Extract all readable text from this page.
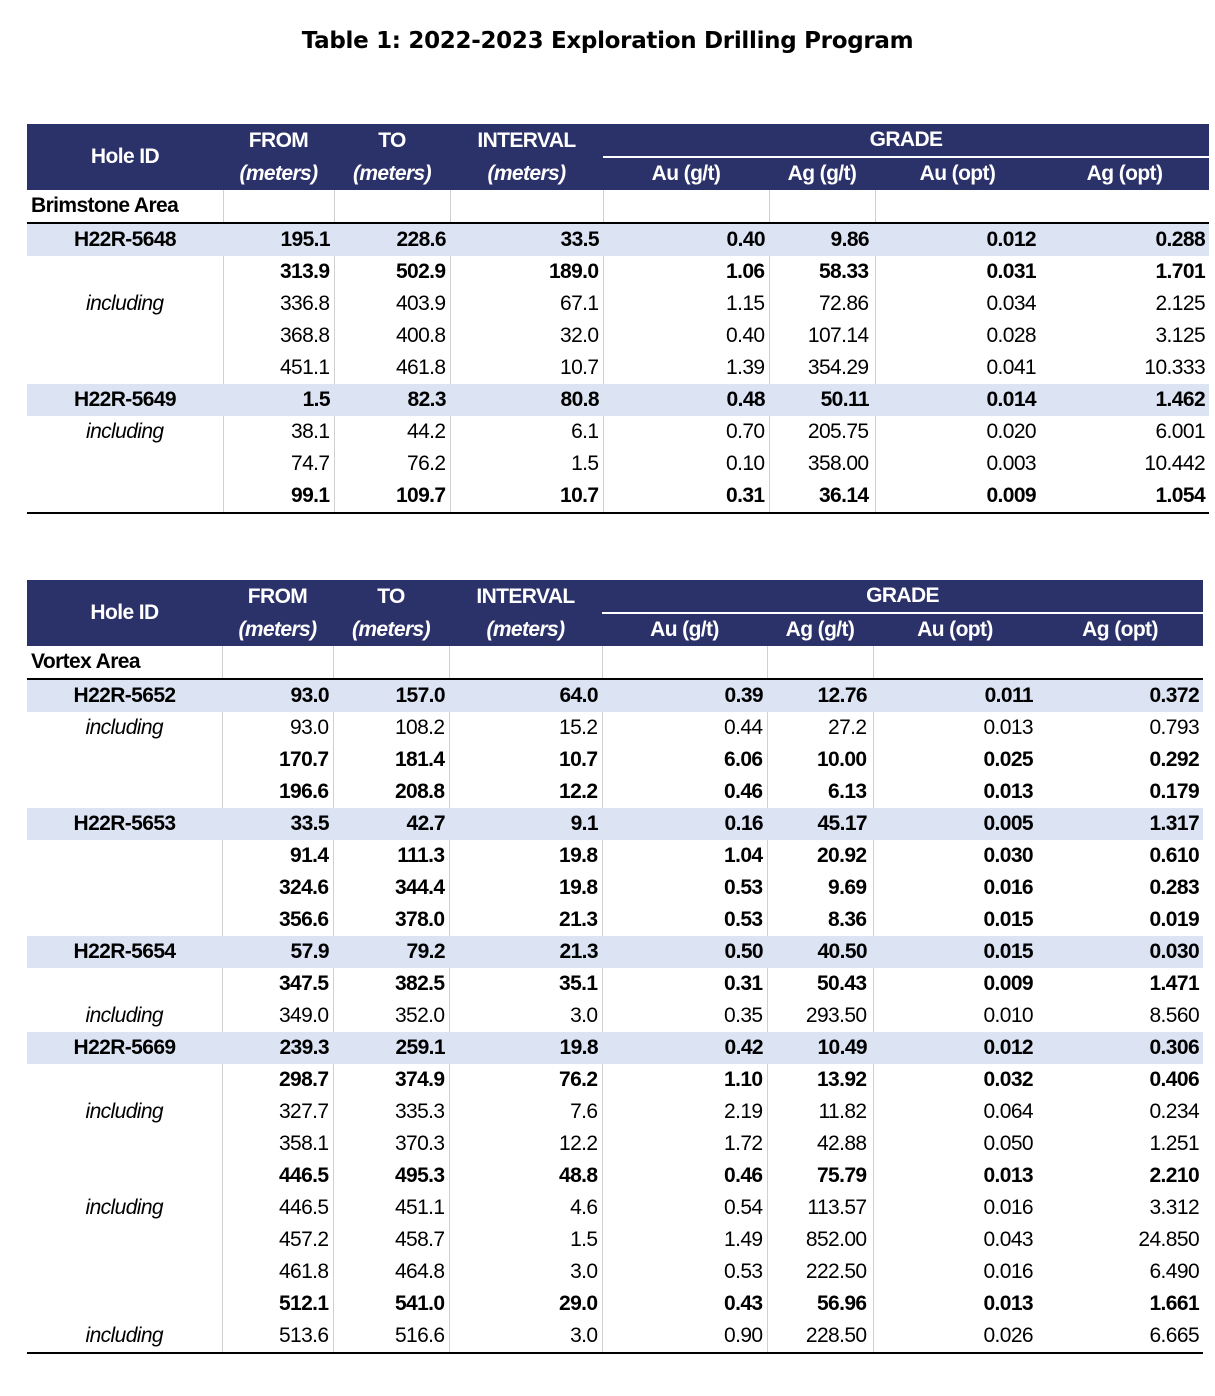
Table 1: 2022-2023 Exploration Drilling Program
Hole ID	FROM	TO	INTERVAL	GRADE			
	(meters)	(meters)	(meters)	Au (g/t)	Ag (g/t)	Au (opt)	Ag (opt)
Brimstone Area							
H22R-5648	195.1	228.6	33.5	0.40	9.86	0.012	0.288
	313.9	502.9	189.0	1.06	58.33	0.031	1.701
including	336.8	403.9	67.1	1.15	72.86	0.034	2.125
	368.8	400.8	32.0	0.40	107.14	0.028	3.125
	451.1	461.8	10.7	1.39	354.29	0.041	10.333
H22R-5649	1.5	82.3	80.8	0.48	50.11	0.014	1.462
including	38.1	44.2	6.1	0.70	205.75	0.020	6.001
	74.7	76.2	1.5	0.10	358.00	0.003	10.442
	99.1	109.7	10.7	0.31	36.14	0.009	1.054
Hole ID	FROM	TO	INTERVAL	GRADE			
	(meters)	(meters)	(meters)	Au (g/t)	Ag (g/t)	Au (opt)	Ag (opt)
Vortex Area							
H22R-5652	93.0	157.0	64.0	0.39	12.76	0.011	0.372
including	93.0	108.2	15.2	0.44	27.2	0.013	0.793
	170.7	181.4	10.7	6.06	10.00	0.025	0.292
	196.6	208.8	12.2	0.46	6.13	0.013	0.179
H22R-5653	33.5	42.7	9.1	0.16	45.17	0.005	1.317
	91.4	111.3	19.8	1.04	20.92	0.030	0.610
	324.6	344.4	19.8	0.53	9.69	0.016	0.283
	356.6	378.0	21.3	0.53	8.36	0.015	0.019
H22R-5654	57.9	79.2	21.3	0.50	40.50	0.015	0.030
	347.5	382.5	35.1	0.31	50.43	0.009	1.471
including	349.0	352.0	3.0	0.35	293.50	0.010	8.560
H22R-5669	239.3	259.1	19.8	0.42	10.49	0.012	0.306
	298.7	374.9	76.2	1.10	13.92	0.032	0.406
including	327.7	335.3	7.6	2.19	11.82	0.064	0.234
	358.1	370.3	12.2	1.72	42.88	0.050	1.251
	446.5	495.3	48.8	0.46	75.79	0.013	2.210
including	446.5	451.1	4.6	0.54	113.57	0.016	3.312
	457.2	458.7	1.5	1.49	852.00	0.043	24.850
	461.8	464.8	3.0	0.53	222.50	0.016	6.490
	512.1	541.0	29.0	0.43	56.96	0.013	1.661
including	513.6	516.6	3.0	0.90	228.50	0.026	6.665
